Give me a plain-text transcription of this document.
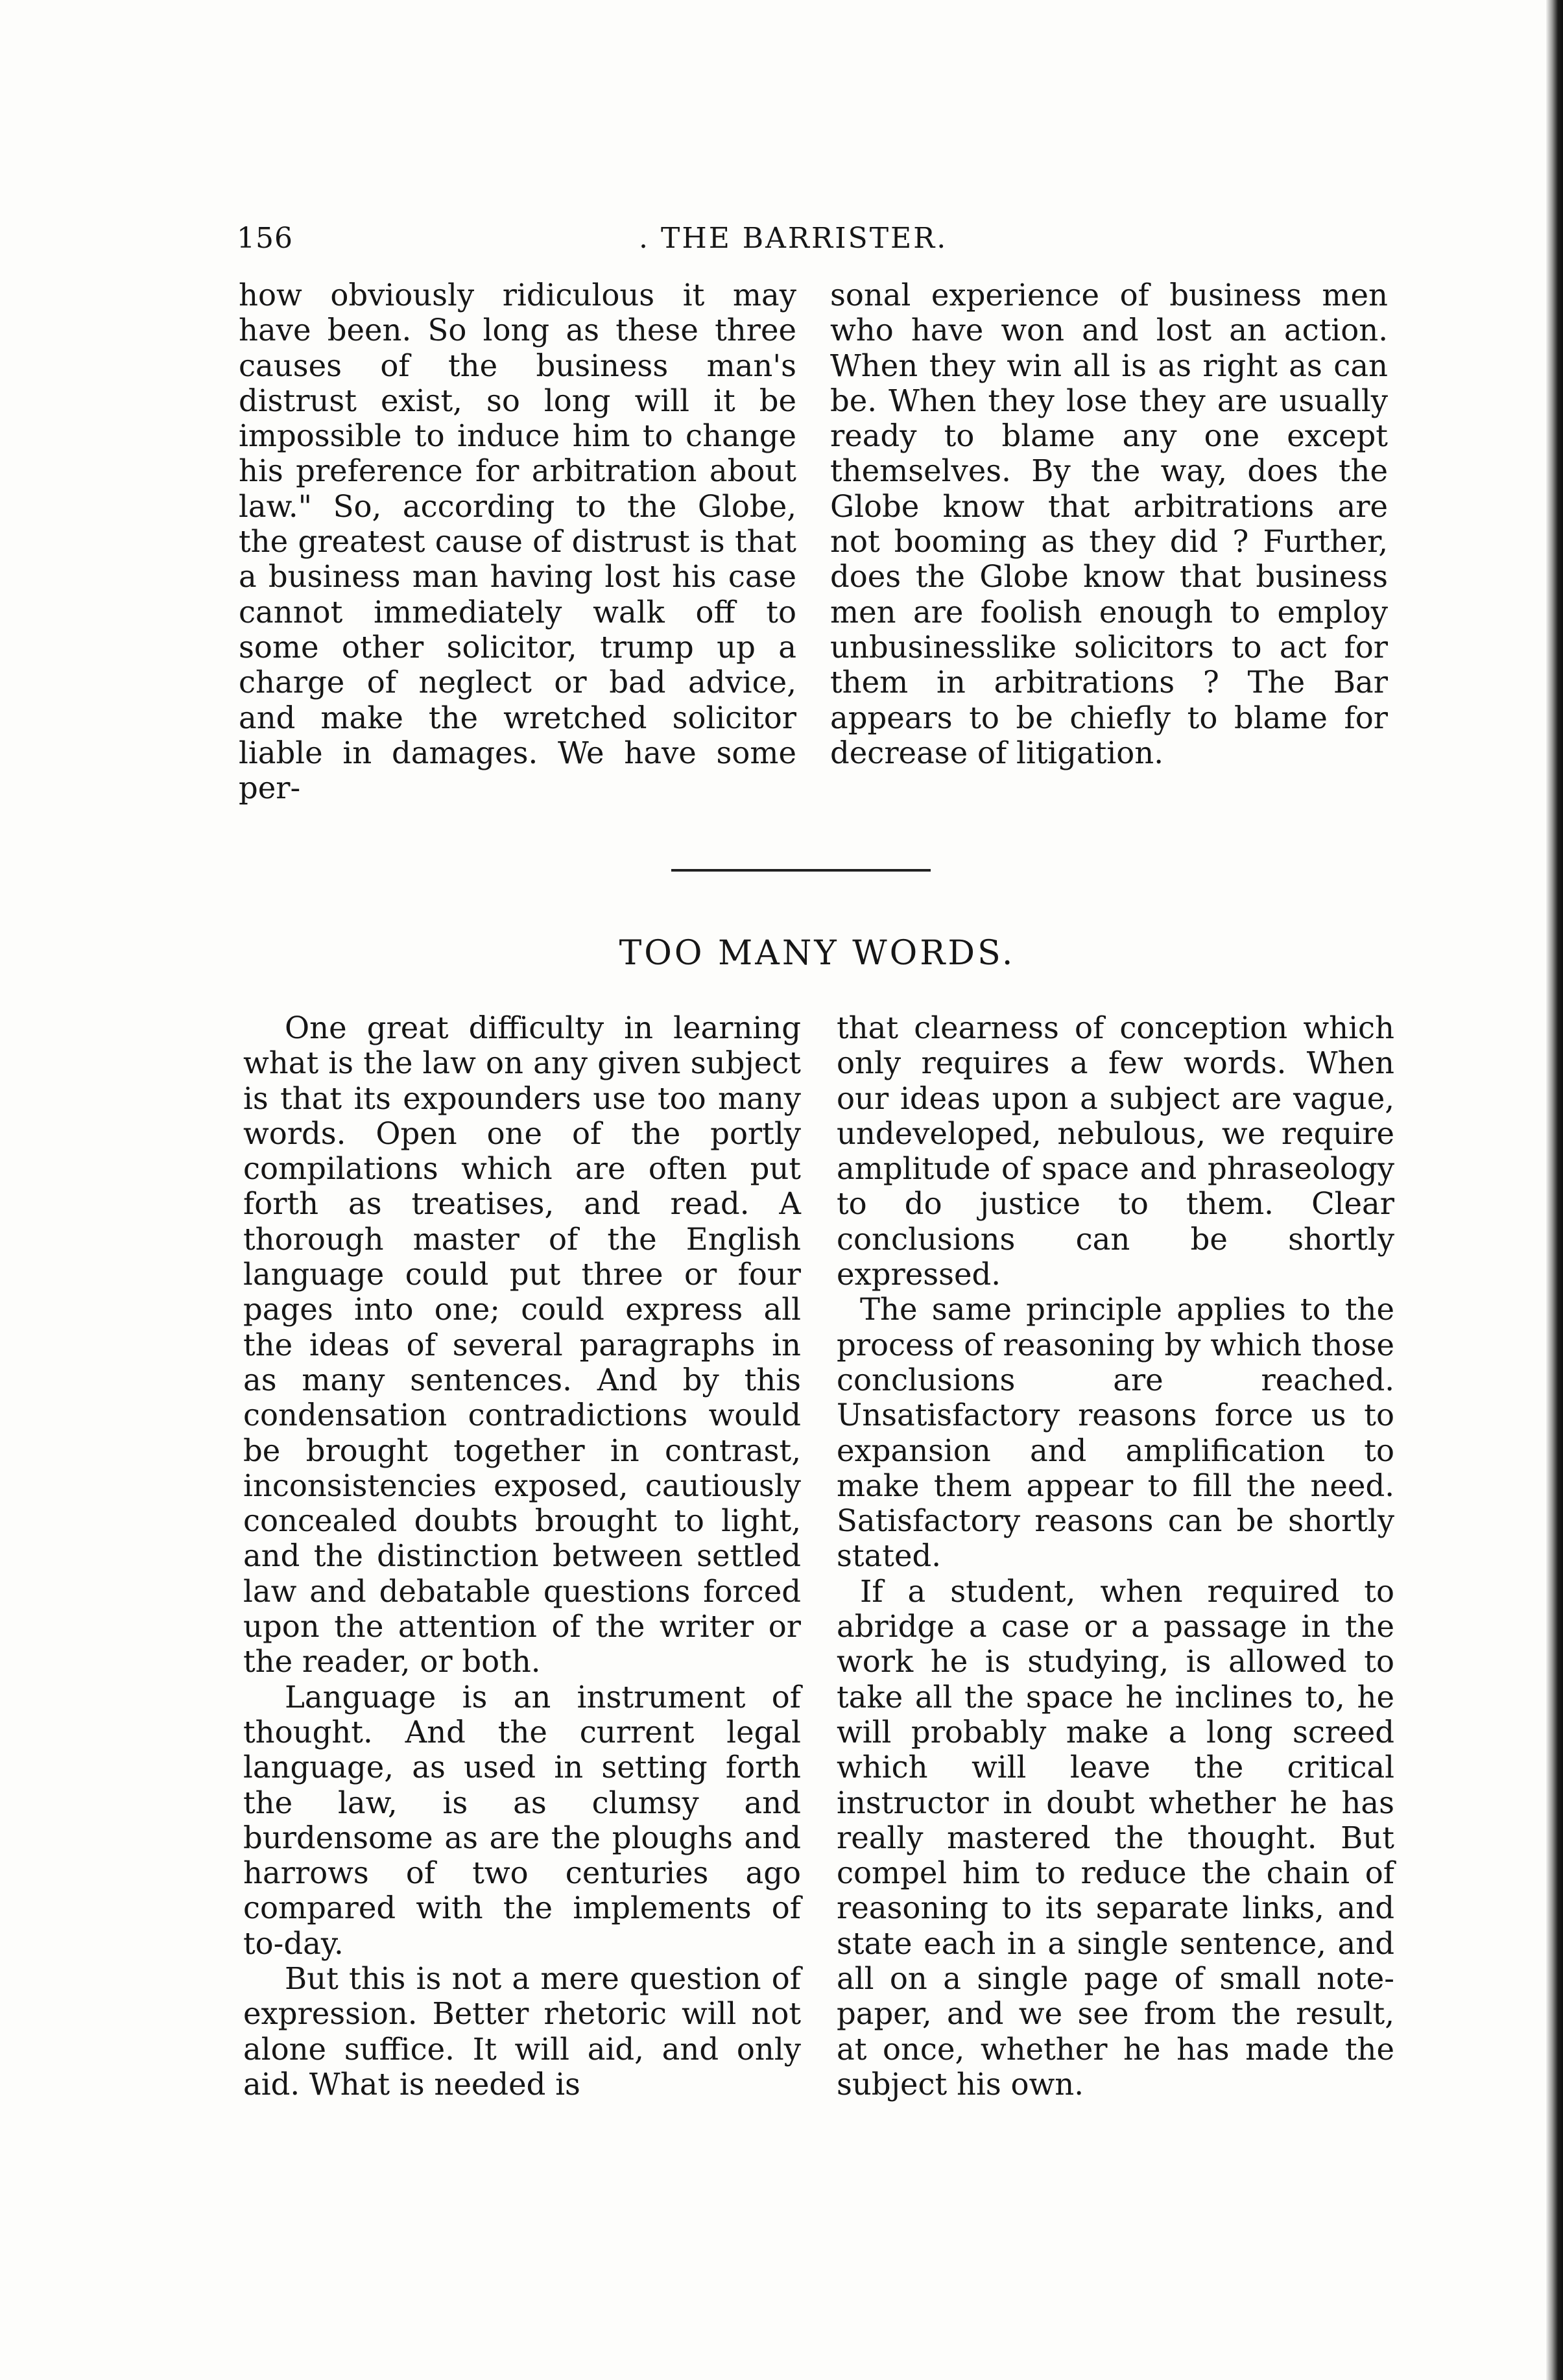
156	. THE BARRISTER.

how obviously ridiculous it may have been. So long as these three causes of the business man's distrust exist, so long will it be impossible to induce him to change his preference for arbitration about law." So, according to the Globe, the greatest cause of distrust is that a business man having lost his case cannot immediately walk off to some other solicitor, trump up a charge of neglect or bad advice, and make the wretched solicitor liable in damages. We have some per-

sonal experience of business men who have won and lost an action. When they win all is as right as can be. When they lose they are usually ready to blame any one except themselves. By the way, does the Globe know that arbitrations are not booming as they did ? Further, does the Globe know that business men are foolish enough to employ unbusinesslike solicitors to act for them in arbitrations ? The Bar appears to be chiefly to blame for decrease of litigation.

TOO MANY WORDS.

One great difficulty in learning what is the law on any given subject is that its expounders use too many words. Open one of the portly compilations which are often put forth as treatises, and read. A thorough master of the English language could put three or four pages into one; could express all the ideas of several paragraphs in as many sentences. And by this condensation contradictions would be brought together in contrast, inconsistencies exposed, cautiously concealed doubts brought to light, and the distinction between settled law and debatable questions forced upon the attention of the writer or the reader, or both.

Language is an instrument of thought. And the current legal language, as used in setting forth the law, is as clumsy and burdensome as are the ploughs and harrows of two centuries ago compared with the implements of to-day.

But this is not a mere question of expression. Better rhetoric will not alone suffice. It will aid, and only aid. What is needed is

that clearness of conception which only requires a few words. When our ideas upon a subject are vague, undeveloped, nebulous, we require amplitude of space and phraseology to do justice to them. Clear conclusions can be shortly expressed.

The same principle applies to the process of reasoning by which those conclusions are reached. Unsatisfactory reasons force us to expansion and amplification to make them appear to fill the need. Satisfactory reasons can be shortly stated.

If a student, when required to abridge a case or a passage in the work he is studying, is allowed to take all the space he inclines to, he will probably make a long screed which will leave the critical instructor in doubt whether he has really mastered the thought. But compel him to reduce the chain of reasoning to its separate links, and state each in a single sentence, and all on a single page of small note-paper, and we see from the result, at once, whether he has made the subject his own.
